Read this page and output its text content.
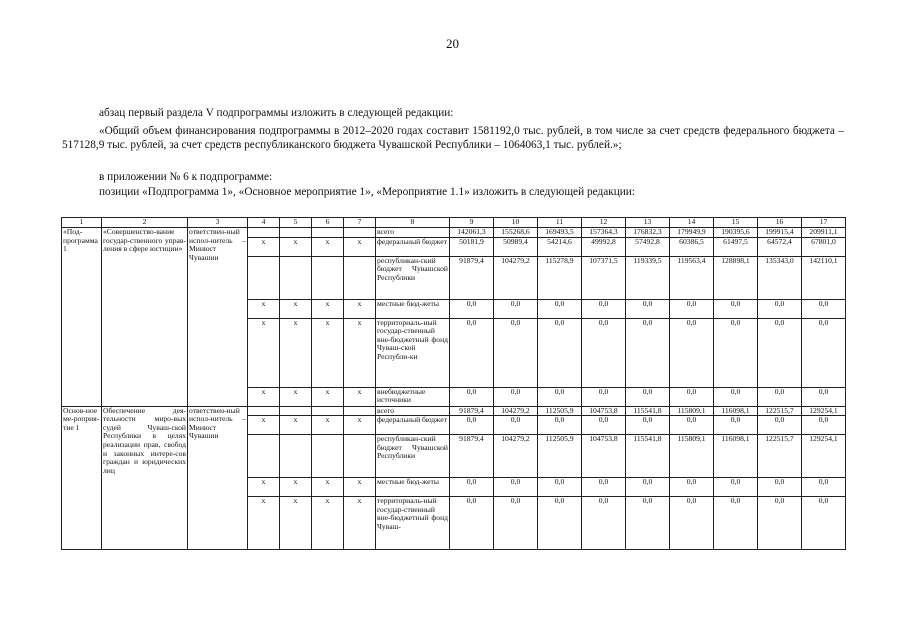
20

абзац первый раздела V подпрограммы изложить в следующей редакции:

«Общий объем финансирования подпрограммы в 2012–2020 годах составит 1581192,0 тыс. рублей, в том числе за счет средств федерального бюджета – 517128,9 тыс. рублей, за счет средств республиканского бюджета Чувашской Республики – 1064063,1 тыс. рублей.»;

в приложении № 6 к подпрограмме:

позиции «Подпрограмма 1», «Основное мероприятие 1», «Мероприятие 1.1» изложить в следующей редакции:

1	2	3	4	5	6	7	8	9	10	11	12	13	14	15	16	17
«Под-программа 1	«Совершенство-вание государ-ственного управ-ления в сфере юстиции»	ответствен-ный испол-нитель – Минюст Чувашии					всего	142061,3	155268,6	169493,5	157364,3	176832,3	179949,9	190395,6	199915,4	209911,1
			x	x	x	x	федеральный бюджет	50181,9	50989,4	54214,6	49992,8	57492,8	60386,5	61497,5	64572,4	67801,0
							республикан-ский бюджет Чувашской Республики	91879,4	104279,2	115278,9	107371,5	119339,5	119563,4	128898,1	135343,0	142110,1
			x	x	x	x	местные бюд-жеты	0,0	0,0	0,0	0,0	0,0	0,0	0,0	0,0	0,0
			x	x	x	x	территориаль-ный государ-ственный вне-бюджетный фонд Чуваш-ской Республи-ки	0,0	0,0	0,0	0,0	0,0	0,0	0,0	0,0	0,0
			x	x	x	x	внебюджетные источники	0,0	0,0	0,0	0,0	0,0	0,0	0,0	0,0	0,0
Основ-ное ме-роприя-тие 1	Обеспечение дея-тельности миро-вых судей Чуваш-ской Республики в целях реализации прав, свобод и законных интере-сов граждан и юридических лиц	ответствен-ный испол-нитель – Минюст Чувашии					всего	91879,4	104279,2	112505,9	104753,8	115541,8	115809,1	116098,1	122515,7	129254,1
			x	x	x	x	федеральный бюджет	0,0	0,0	0,0	0,0	0,0	0,0	0,0	0,0	0,0
							республикан-ский бюджет Чувашской Республики	91879,4	104279,2	112505,9	104753,8	115541,8	115809,1	116098,1	122515,7	129254,1
			x	x	x	x	местные бюд-жеты	0,0	0,0	0,0	0,0	0,0	0,0	0,0	0,0	0,0
			x	x	x	x	территориаль-ный государ-ственный вне-бюджетный фонд Чуваш-	0,0	0,0	0,0	0,0	0,0	0,0	0,0	0,0	0,0
